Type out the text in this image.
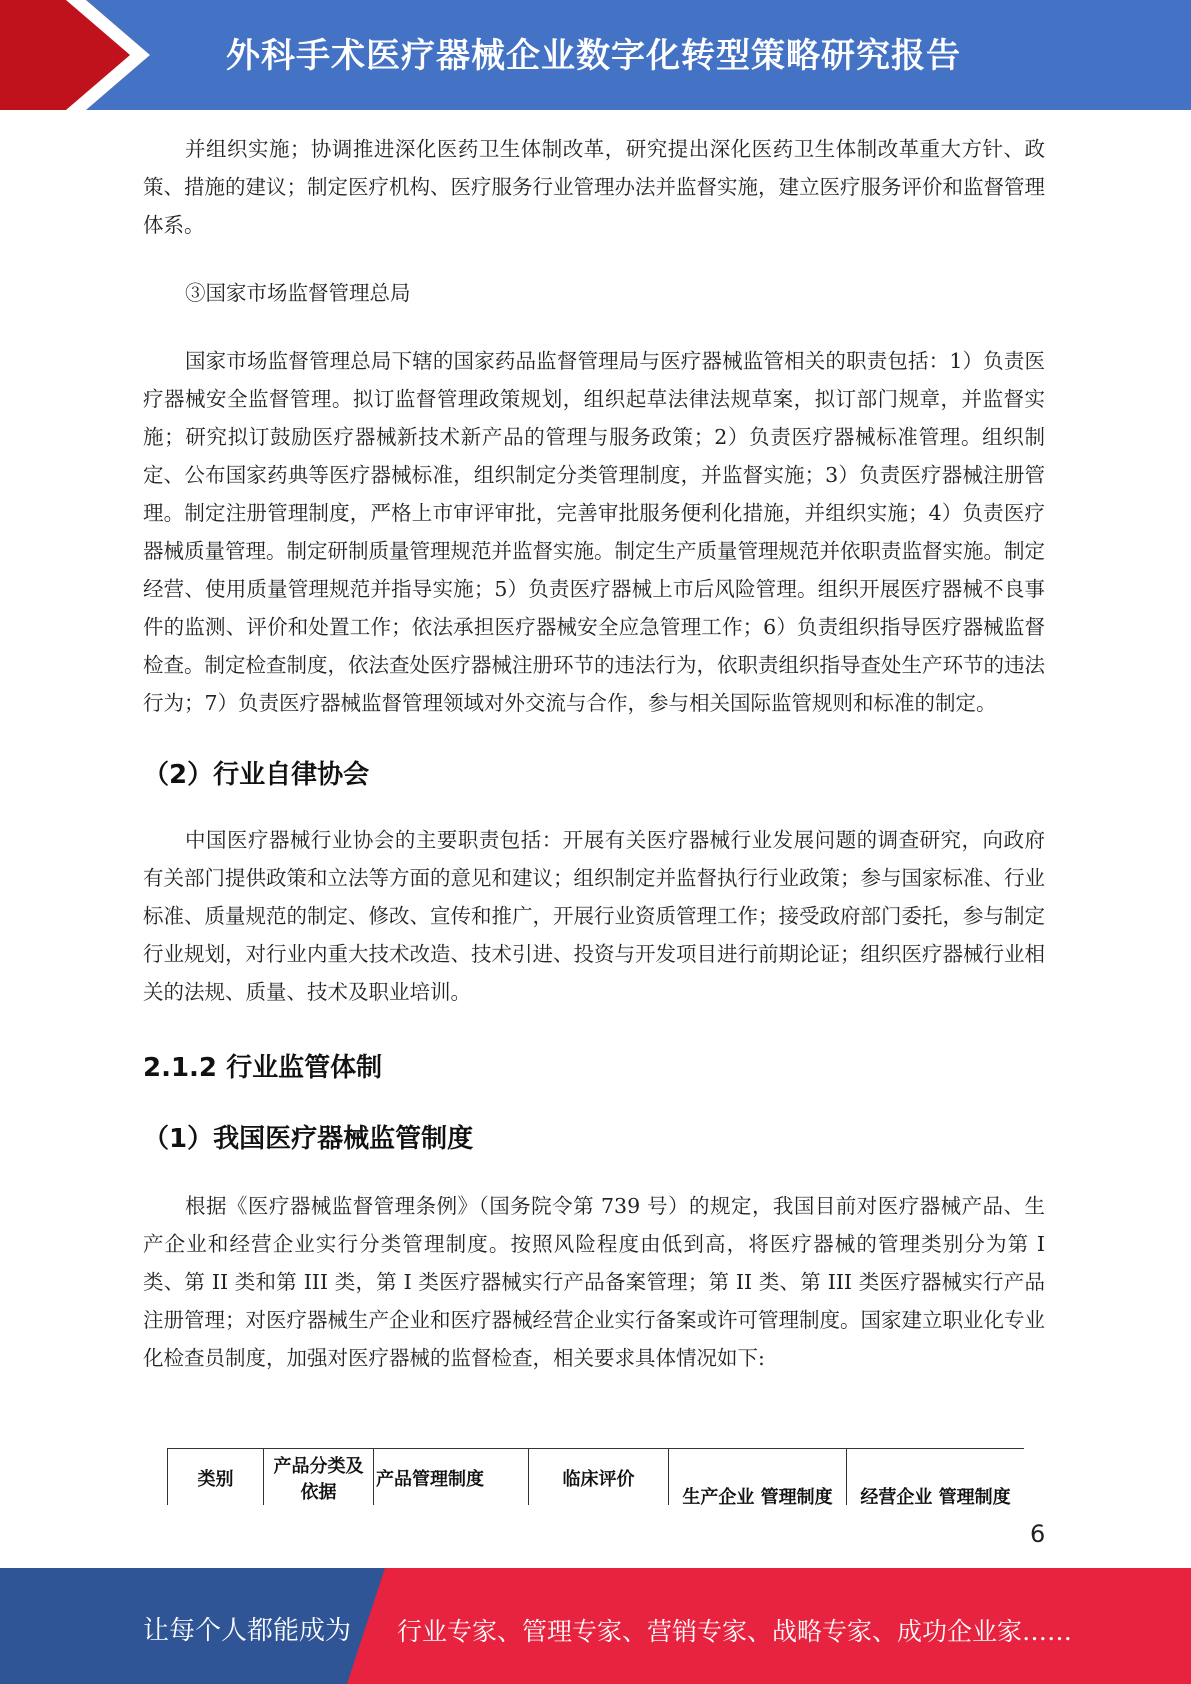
外科手术医疗器械企业数字化转型策略研究报告

并组织实施；协调推进深化医药卫生体制改革，研究提出深化医药卫生体制改革重大方针、政策、措施的建议；制定医疗机构、医疗服务行业管理办法并监督实施，建立医疗服务评价和监督管理体系。

③国家市场监督管理总局

国家市场监督管理总局下辖的国家药品监督管理局与医疗器械监管相关的职责包括：1）负责医疗器械安全监督管理。拟订监督管理政策规划，组织起草法律法规草案，拟订部门规章，并监督实施；研究拟订鼓励医疗器械新技术新产品的管理与服务政策；2）负责医疗器械标准管理。组织制定、公布国家药典等医疗器械标准，组织制定分类管理制度，并监督实施；3）负责医疗器械注册管理。制定注册管理制度，严格上市审评审批，完善审批服务便利化措施，并组织实施；4）负责医疗器械质量管理。制定研制质量管理规范并监督实施。制定生产质量管理规范并依职责监督实施。制定经营、使用质量管理规范并指导实施；5）负责医疗器械上市后风险管理。组织开展医疗器械不良事件的监测、评价和处置工作；依法承担医疗器械安全应急管理工作；6）负责组织指导医疗器械监督检查。制定检查制度，依法查处医疗器械注册环节的违法行为，依职责组织指导查处生产环节的违法行为；7）负责医疗器械监督管理领域对外交流与合作，参与相关国际监管规则和标准的制定。

（2）行业自律协会

中国医疗器械行业协会的主要职责包括：开展有关医疗器械行业发展问题的调查研究，向政府有关部门提供政策和立法等方面的意见和建议；组织制定并监督执行行业政策；参与国家标准、行业标准、质量规范的制定、修改、宣传和推广，开展行业资质管理工作；接受政府部门委托，参与制定行业规划，对行业内重大技术改造、技术引进、投资与开发项目进行前期论证；组织医疗器械行业相关的法规、质量、技术及职业培训。

2.1.2 行业监管体制

（1）我国医疗器械监管制度

根据《医疗器械监督管理条例》（国务院令第 739 号）的规定，我国目前对医疗器械产品、生产企业和经营企业实行分类管理制度。按照风险程度由低到高，将医疗器械的管理类别分为第 I 类、第 II 类和第 III 类，第 I 类医疗器械实行产品备案管理；第 II 类、第 III 类医疗器械实行产品注册管理；对医疗器械生产企业和医疗器械经营企业实行备案或许可管理制度。国家建立职业化专业化检查员制度，加强对医疗器械的监督检查，相关要求具体情况如下:

类别	产品分类及依据	产品管理制度	临床评价	生产企业 管理制度	经营企业 管理制度
6
让每个人都能成为 行业专家、管理专家、营销专家、战略专家、成功企业家……
